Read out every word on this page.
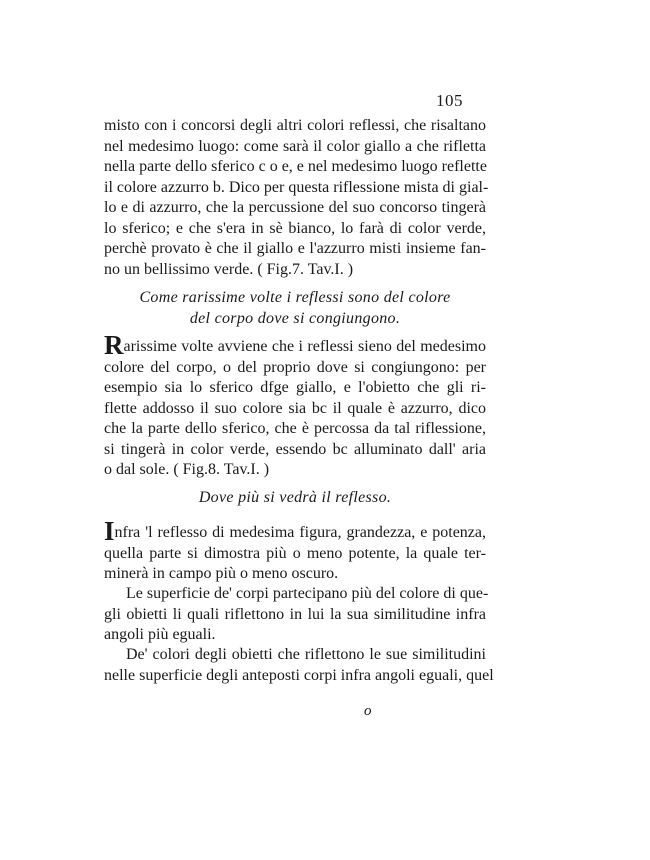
105
misto con i concorsi degli altri colori reflessi, che risaltano
nel medesimo luogo: come sarà il color giallo a che rifletta
nella parte dello sferico c o e, e nel medesimo luogo reflette
il colore azzurro b. Dico per questa riflessione mista di gial-
lo e di azzurro, che la percussione del suo concorso tingerà
lo sferico; e che s'era in sè bianco, lo farà di color verde,
perchè provato è che il giallo e l'azzurro misti insieme fan-
no un bellissimo verde. ( Fig.7. Tav.I. )
Come rarissime volte i reflessi sono del colore
del corpo dove si congiungono.
Rarissime volte avviene che i reflessi sieno del medesimo
colore del corpo, o del proprio dove si congiungono: per
esempio sia lo sferico dfge giallo, e l'obietto che gli ri-
flette addosso il suo colore sia bc il quale è azzurro, dico
che la parte dello sferico, che è percossa da tal riflessione,
si tingerà in color verde, essendo bc alluminato dall' aria
o dal sole. ( Fig.8. Tav.I. )
Dove più si vedrà il reflesso.
Infra 'l reflesso di medesima figura, grandezza, e potenza,
quella parte si dimostra più o meno potente, la quale ter-
minerà in campo più o meno oscuro.
Le superficie de' corpi partecipano più del colore di que-
gli obietti li quali riflettono in lui la sua similitudine infra
angoli più eguali.
De' colori degli obietti che riflettono le sue similitudini
nelle superficie degli anteposti corpi infra angoli eguali, quel
o
